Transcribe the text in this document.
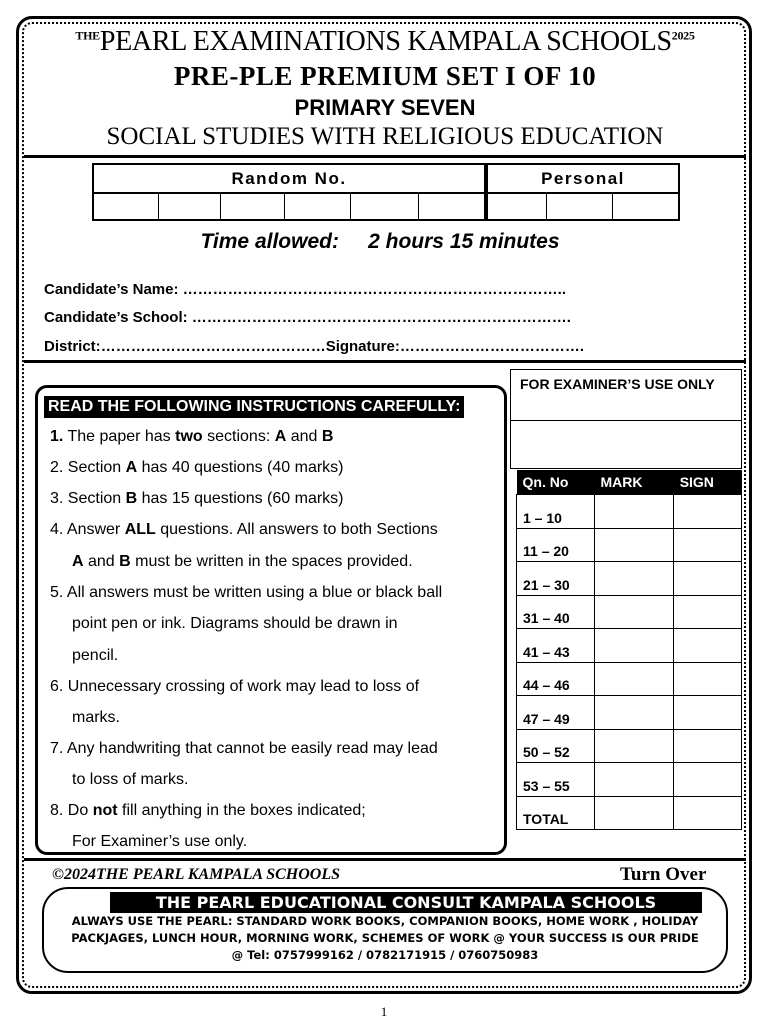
$^{THE}$PEARL EXAMINATIONS KAMPALA $SCHOOLS^{2025}$
PRE-PLE PREMIUM SET I OF 10
PRIMARY SEVEN
SOCIAL STUDIES WITH RELIGIOUS EDUCATION
Random No.	Personal
Time allowed: 2 hours 15 minutes
Candidate’s Name: …………………………………………………………………..
Candidate’s School: ………………………………………………………………….
District:………………………………………Signature:……………………………….
READ THE FOLLOWING INSTRUCTIONS CAREFULLY:
1. The paper has two sections: A and B
2. Section A has 40 questions (40 marks)
3. Section B has 15 questions (60 marks)
4. Answer ALL questions. All answers to both Sections
A and B must be written in the spaces provided.
5. All answers must be written using a blue or black ball
point pen or ink. Diagrams should be drawn in
pencil.
6. Unnecessary crossing of work may lead to loss of
marks.
7. Any handwriting that cannot be easily read may lead
to loss of marks.
8. Do not fill anything in the boxes indicated;
For Examiner’s use only.
FOR EXAMINER’S USE ONLY
Qn. No	MARK	SIGN
1 – 10		
11 – 20		
21 – 30		
31 – 40		
41 – 43		
44 – 46		
47 – 49		
50 – 52		
53 – 55		
TOTAL		
©2024THE PEARL KAMPALA SCHOOLS	Turn Over
THE PEARL EDUCATIONAL CONSULT KAMPALA SCHOOLS
ALWAYS USE THE PEARL: STANDARD WORK BOOKS, COMPANION BOOKS, HOME WORK , HOLIDAY
PACKJAGES, LUNCH HOUR, MORNING WORK, SCHEMES OF WORK @ YOUR SUCCESS IS OUR PRIDE
@ Tel: 0757999162 / 0782171915 / 0760750983
1
